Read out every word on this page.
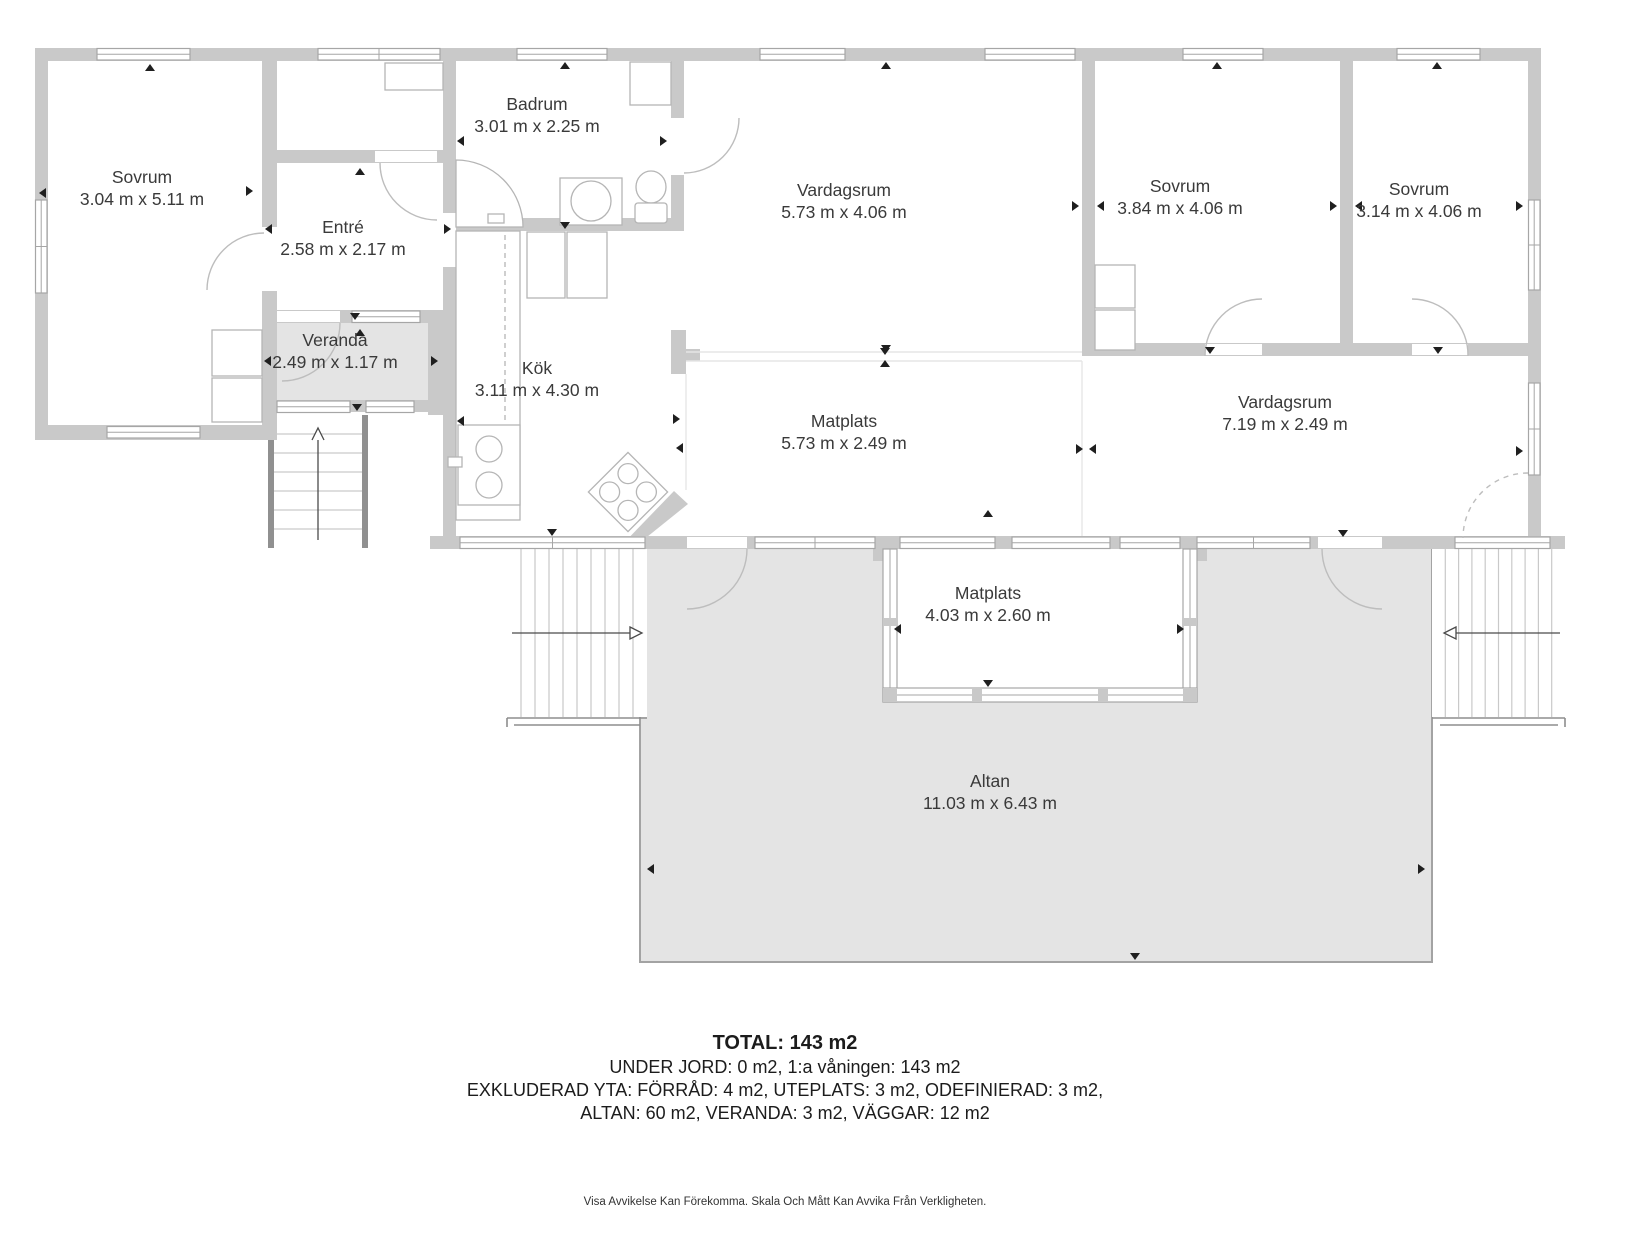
Sovrum
3.04 m x 5.11 m
Entré
2.58 m x 2.17 m
Veranda
2.49 m x 1.17 m
Badrum
3.01 m x 2.25 m
Kök
3.11 m x 4.30 m
Vardagsrum
5.73 m x 4.06 m
Sovrum
3.84 m x 4.06 m
Sovrum
3.14 m x 4.06 m
Matplats
5.73 m x 2.49 m
Vardagsrum
7.19 m x 2.49 m
Matplats
4.03 m x 2.60 m
Altan
11.03 m x 6.43 m
TOTAL: 143 m2
UNDER JORD: 0 m2, 1:a våningen: 143 m2
EXKLUDERAD YTA: FÖRRÅD: 4 m2, UTEPLATS: 3 m2, ODEFINIERAD: 3 m2,
ALTAN: 60 m2, VERANDA: 3 m2, VÄGGAR: 12 m2
Visa Avvikelse Kan Förekomma. Skala Och Mått Kan Avvika Från Verkligheten.
